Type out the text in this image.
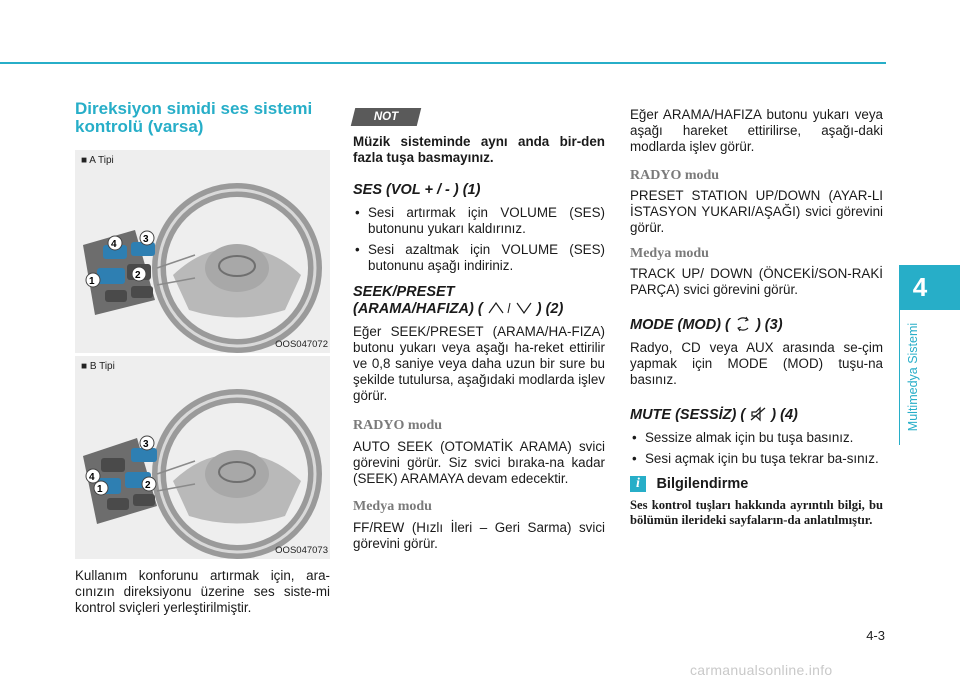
Direksiyon simidi ses sistemi kontrolü (varsa)
4	3
1
2
■ A Tipi
OOS047072
3
4
1	2
■ B Tipi
OOS047073
Kullanım konforunu artırmak için, ara-cınızın direksiyonu üzerine ses siste-mi kontrol sviçleri yerleştirilmiştir.
NOT
Müzik sisteminde aynı anda bir-den fazla tuşa basmayınız.
SES (VOL + / - ) (1)
• Sesi artırmak için VOLUME (SES) butonunu yukarı kaldırınız.
• Sesi azaltmak için VOLUME (SES) butonunu aşağı indiriniz.
SEEK/PRESET
(ARAMA/HAFIZA) (	) (2)
Eğer SEEK/PRESET (ARAMA/HA-FIZA) butonu yukarı veya aşağı ha-reket ettirilir ve 0,8 saniye veya daha uzun bir sure bu şekilde tutulursa, aşağıdaki modlarda işlev görür.
RADYO modu
AUTO SEEK (OTOMATİK ARAMA) svici görevini görür. Siz svici bıraka-na kadar (SEEK) ARAMAYA devam edecektir.
Medya modu
FF/REW (Hızlı İleri – Geri Sarma) svici görevini görür.
Eğer ARAMA/HAFIZA butonu yukarı veya aşağı hareket ettirilirse, aşağı-daki modlarda işlev görür.
RADYO modu
PRESET STATION UP/DOWN (AYAR-LI İSTASYON YUKARI/AŞAĞI) svici görevini görür.
Medya modu
TRACK UP/ DOWN (ÖNCEKİ/SON-RAKİ PARÇA) svici görevini görür.
MODE (MOD) ( ) (3)
Radyo, CD veya AUX arasında se-çim yapmak için MODE (MOD) tuşu-na basınız.
MUTE (SESSİZ) ( ) (4)
• Sessize almak için bu tuşa basınız.
• Sesi açmak için bu tuşa tekrar ba-sınız.
i Bilgilendirme
Ses kontrol tuşları hakkında ayrıntılı bilgi, bu bölümün ilerideki sayfaların-da anlatılmıştır.
4
Multimedya Sistemi
4-3
carmanualsonline.info
